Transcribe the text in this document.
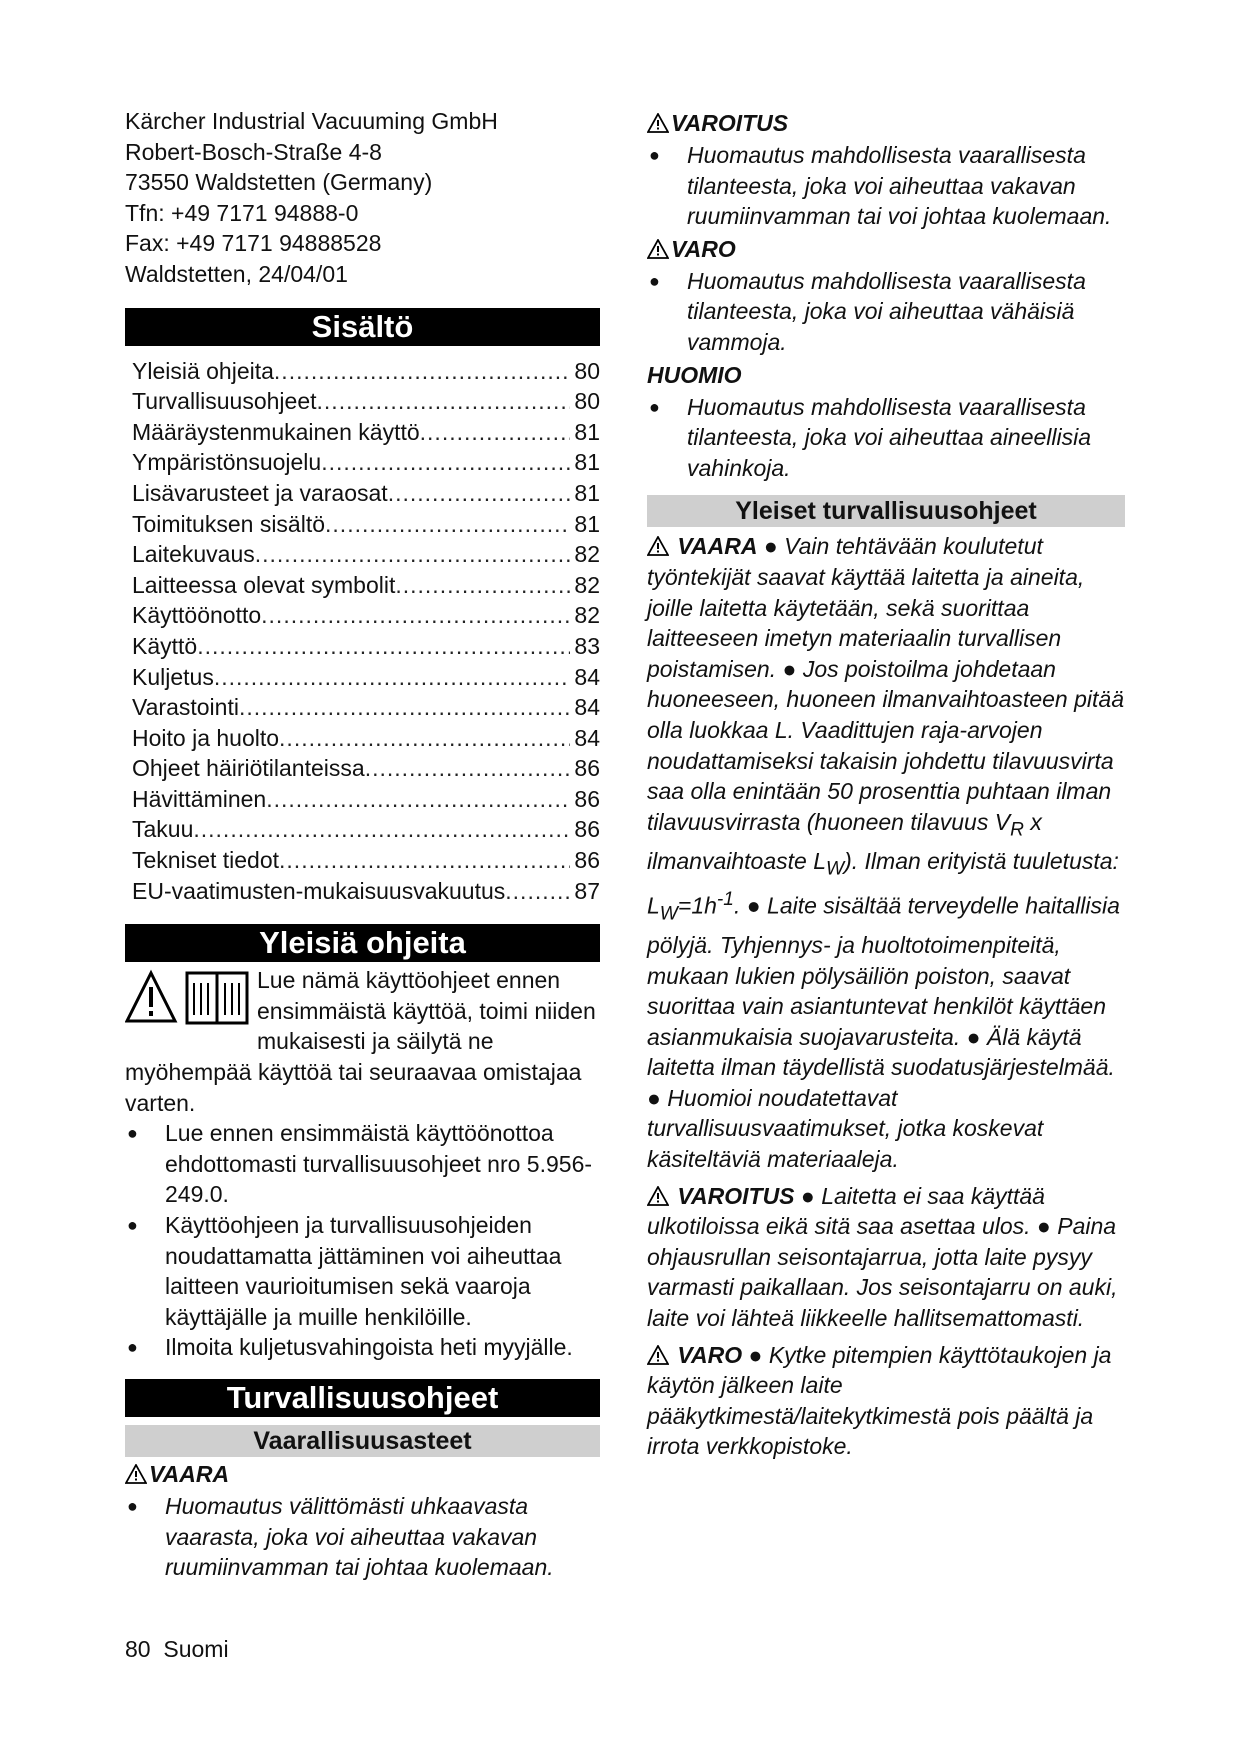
Kärcher Industrial Vacuuming GmbH
Robert-Bosch-Straße 4-8
73550 Waldstetten (Germany)
Tfn: +49 7171 94888-0
Fax: +49 7171 94888528
Waldstetten, 24/04/01
Sisältö
Yleisiä ohjeita .....	80
Turvallisuusohjeet .....	80
Määräystenmukainen käyttö .....	81
Ympäristönsuojelu .....	81
Lisävarusteet ja varaosat .....	81
Toimituksen sisältö .....	81
Laitekuvaus .....	82
Laitteessa olevat symbolit .....	82
Käyttöönotto .....	82
Käyttö .....	83
Kuljetus .....	84
Varastointi .....	84
Hoito ja huolto .....	84
Ohjeet häiriötilanteissa .....	86
Hävittäminen .....	86
Takuu .....	86
Tekniset tiedot .....	86
EU-vaatimusten-mukaisuusvakuutus .....	87
Yleisiä ohjeita
Lue nämä käyttöohjeet ennen ensimmäistä käyttöä, toimi niiden mukaisesti ja säilytä ne myöhempää käyttöä tai seuraavaa omistajaa varten.
● Lue ennen ensimmäistä käyttöönottoa ehdottomasti turvallisuusohjeet nro 5.956-249.0.
● Käyttöohjeen ja turvallisuusohjeiden noudattamatta jättäminen voi aiheuttaa laitteen vaurioitumisen sekä vaaroja käyttäjälle ja muille henkilöille.
● Ilmoita kuljetusvahingoista heti myyjälle.
Turvallisuusohjeet
Vaarallisuusasteet
VAARA
● Huomautus välittömästi uhkaavasta vaarasta, joka voi aiheuttaa vakavan ruumiinvamman tai johtaa kuolemaan.
VAROITUS
● Huomautus mahdollisesta vaarallisesta tilanteesta, joka voi aiheuttaa vakavan ruumiinvamman tai voi johtaa kuolemaan.
VARO
● Huomautus mahdollisesta vaarallisesta tilanteesta, joka voi aiheuttaa vähäisiä vammoja.
HUOMIO
● Huomautus mahdollisesta vaarallisesta tilanteesta, joka voi aiheuttaa aineellisia vahinkoja.
Yleiset turvallisuusohjeet
VAARA ● Vain tehtävään koulutetut työntekijät saavat käyttää laitetta ja aineita, joille laitetta käytetään, sekä suorittaa laitteeseen imetyn materiaalin turvallisen poistamisen. ● Jos poistoilma johdetaan huoneeseen, huoneen ilmanvaihtoasteen pitää olla luokkaa L. Vaadittujen raja-arvojen noudattamiseksi takaisin johdettu tilavuusvirta saa olla enintään 50 prosenttia puhtaan ilman tilavuusvirrasta (huoneen tilavuus $V_R$ x ilmanvaihtoaste $L_W$). Ilman erityistä tuuletusta: $L_W=1h^{-1}$. ● Laite sisältää terveydelle haitallisia pölyjä. Tyhjennys- ja huoltotoimenpiteitä, mukaan lukien pölysäiliön poiston, saavat suorittaa vain asiantuntevat henkilöt käyttäen asianmukaisia suojavarusteita. ● Älä käytä laitetta ilman täydellistä suodatusjärjestelmää. ● Huomioi noudatettavat turvallisuusvaatimukset, jotka koskevat käsiteltäviä materiaaleja.
VAROITUS ● Laitetta ei saa käyttää ulkotiloissa eikä sitä saa asettaa ulos. ● Paina ohjausrullan seisontajarrua, jotta laite pysyy varmasti paikallaan. Jos seisontajarru on auki, laite voi lähteä liikkeelle hallitsemattomasti.
VARO ● Kytke pitempien käyttötaukojen ja käytön jälkeen laite pääkytkimestä/laitekytkimestä pois päältä ja irrota verkkopistoke.
80 Suomi
